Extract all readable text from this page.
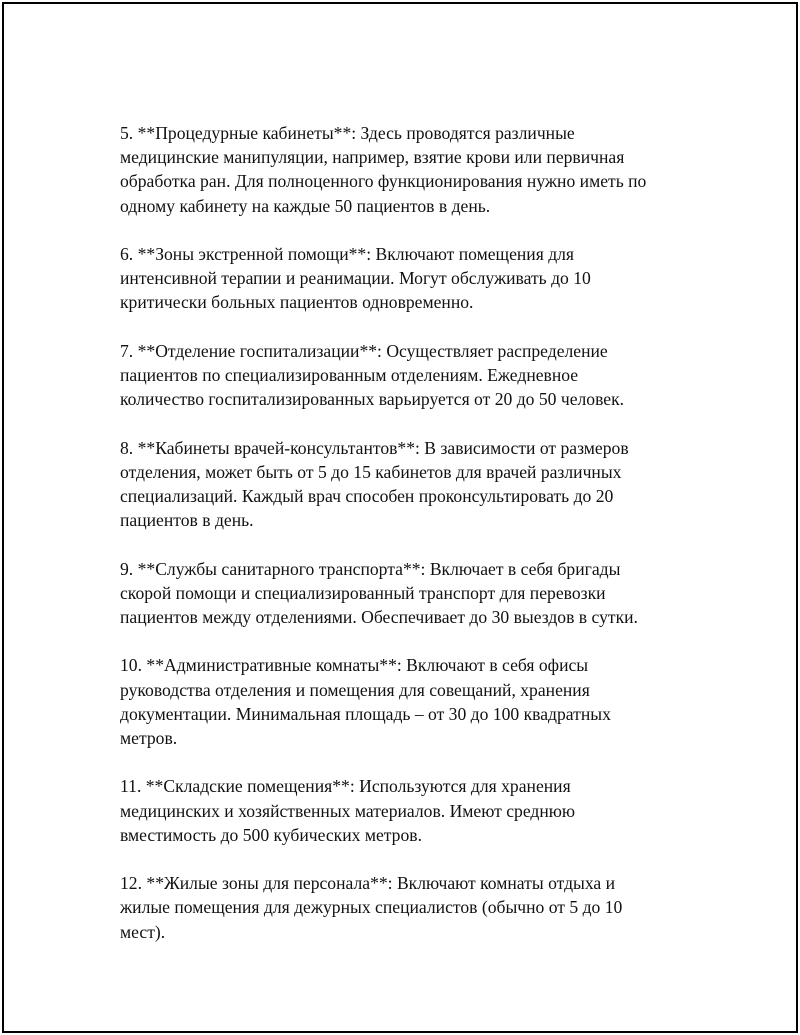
5. **Процедурные кабинеты**: Здесь проводятся различные
медицинские манипуляции, например, взятие крови или первичная
обработка ран. Для полноценного функционирования нужно иметь по
одному кабинету на каждые 50 пациентов в день.

6. **Зоны экстренной помощи**: Включают помещения для
интенсивной терапии и реанимации. Могут обслуживать до 10
критически больных пациентов одновременно.

7. **Отделение госпитализации**: Осуществляет распределение
пациентов по специализированным отделениям. Ежедневное
количество госпитализированных варьируется от 20 до 50 человек.

8. **Кабинеты врачей-консультантов**: В зависимости от размеров
отделения, может быть от 5 до 15 кабинетов для врачей различных
специализаций. Каждый врач способен проконсультировать до 20
пациентов в день.

9. **Службы санитарного транспорта**: Включает в себя бригады
скорой помощи и специализированный транспорт для перевозки
пациентов между отделениями. Обеспечивает до 30 выездов в сутки.

10. **Административные комнаты**: Включают в себя офисы
руководства отделения и помещения для совещаний, хранения
документации. Минимальная площадь – от 30 до 100 квадратных
метров.

11. **Складские помещения**: Используются для хранения
медицинских и хозяйственных материалов. Имеют среднюю
вместимость до 500 кубических метров.

12. **Жилые зоны для персонала**: Включают комнаты отдыха и
жилые помещения для дежурных специалистов (обычно от 5 до 10
мест).
